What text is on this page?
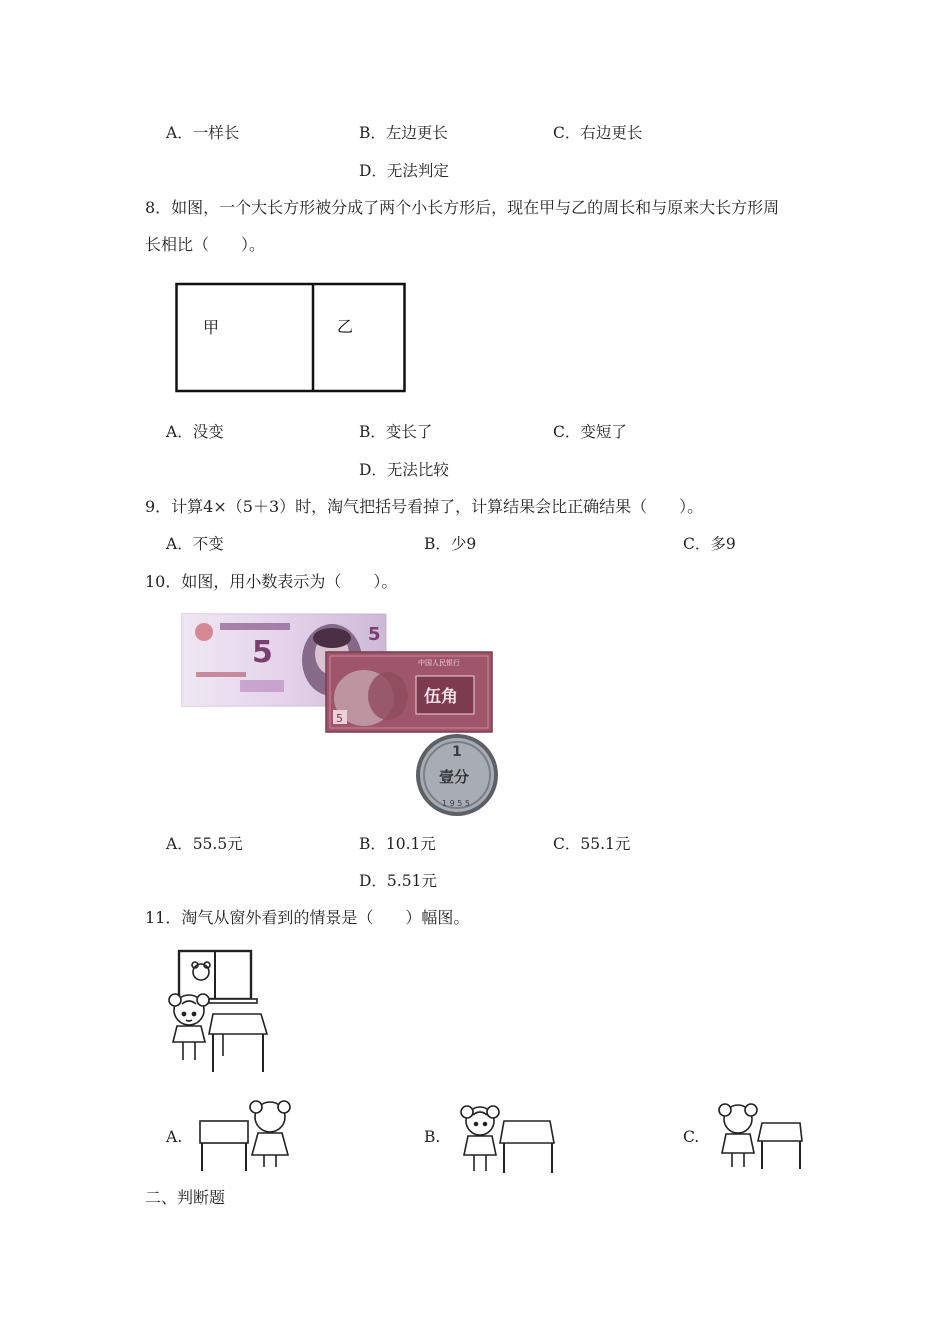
A．一样长	B．左边更长	C．右边更长
D．无法判定
8．如图，一个大长方形被分成了两个小长方形后，现在甲与乙的周长和与原来大长方形周
长相比（　　）。
甲	乙
A．没变	B．变长了	C．变短了
D．无法比较
9．计算4×（5＋3）时，淘气把括号看掉了，计算结果会比正确结果（　　）。
A．不变	B．少9	C．多9
10．如图，用小数表示为（　　）。
5
5
中国人民银行
伍角
5
1
壹分
1 9 5 5
A．55.5元	B．10.1元	C．55.1元
D．5.51元
11．淘气从窗外看到的情景是（　　）幅图。
A.	B.	C.
二、判断题
